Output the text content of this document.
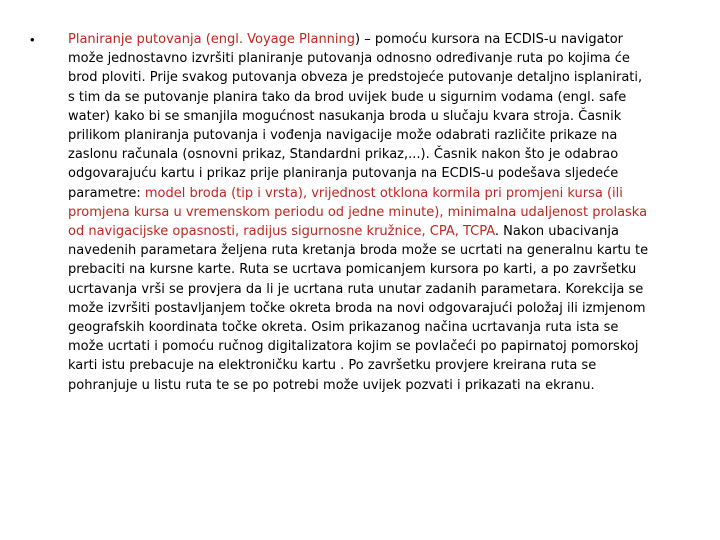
•	Planiranje putovanja (engl. Voyage Planning) – pomoću kursora na ECDIS-u navigator može jednostavno izvršiti planiranje putovanja odnosno određivanje ruta po kojima će brod ploviti. Prije svakog putovanja obveza je predstojeće putovanje detaljno isplanirati, s tim da se putovanje planira tako da brod uvijek bude u sigurnim vodama (engl. safe water) kako bi se smanjila mogućnost nasukanja broda u slučaju kvara stroja. Časnik prilikom planiranja putovanja i vođenja navigacije može odabrati različite prikaze na zaslonu računala (osnovni prikaz, Standardni prikaz,...). Časnik nakon što je odabrao odgovarajuću kartu i prikaz prije planiranja putovanja na ECDIS-u podešava sljedeće parametre: model broda (tip i vrsta), vrijednost otklona kormila pri promjeni kursa (ili promjena kursa u vremenskom periodu od jedne minute), minimalna udaljenost prolaska od navigacijske opasnosti, radijus sigurnosne kružnice, CPA, TCPA. Nakon ubacivanja navedenih parametara željena ruta kretanja broda može se ucrtati na generalnu kartu te prebaciti na kursne karte. Ruta se ucrtava pomicanjem kursora po karti, a po završetku ucrtavanja vrši se provjera da li je ucrtana ruta unutar zadanih parametara. Korekcija se može izvršiti postavljanjem točke okreta broda na novi odgovarajući položaj ili izmjenom geografskih koordinata točke okreta. Osim prikazanog načina ucrtavanja ruta ista se može ucrtati i pomoću ručnog digitalizatora kojim se povlačeći po papirnatoj pomorskoj karti istu prebacuje na elektroničku kartu . Po završetku provjere kreirana ruta se pohranjuje u listu ruta te se po potrebi može uvijek pozvati i prikazati na ekranu.
